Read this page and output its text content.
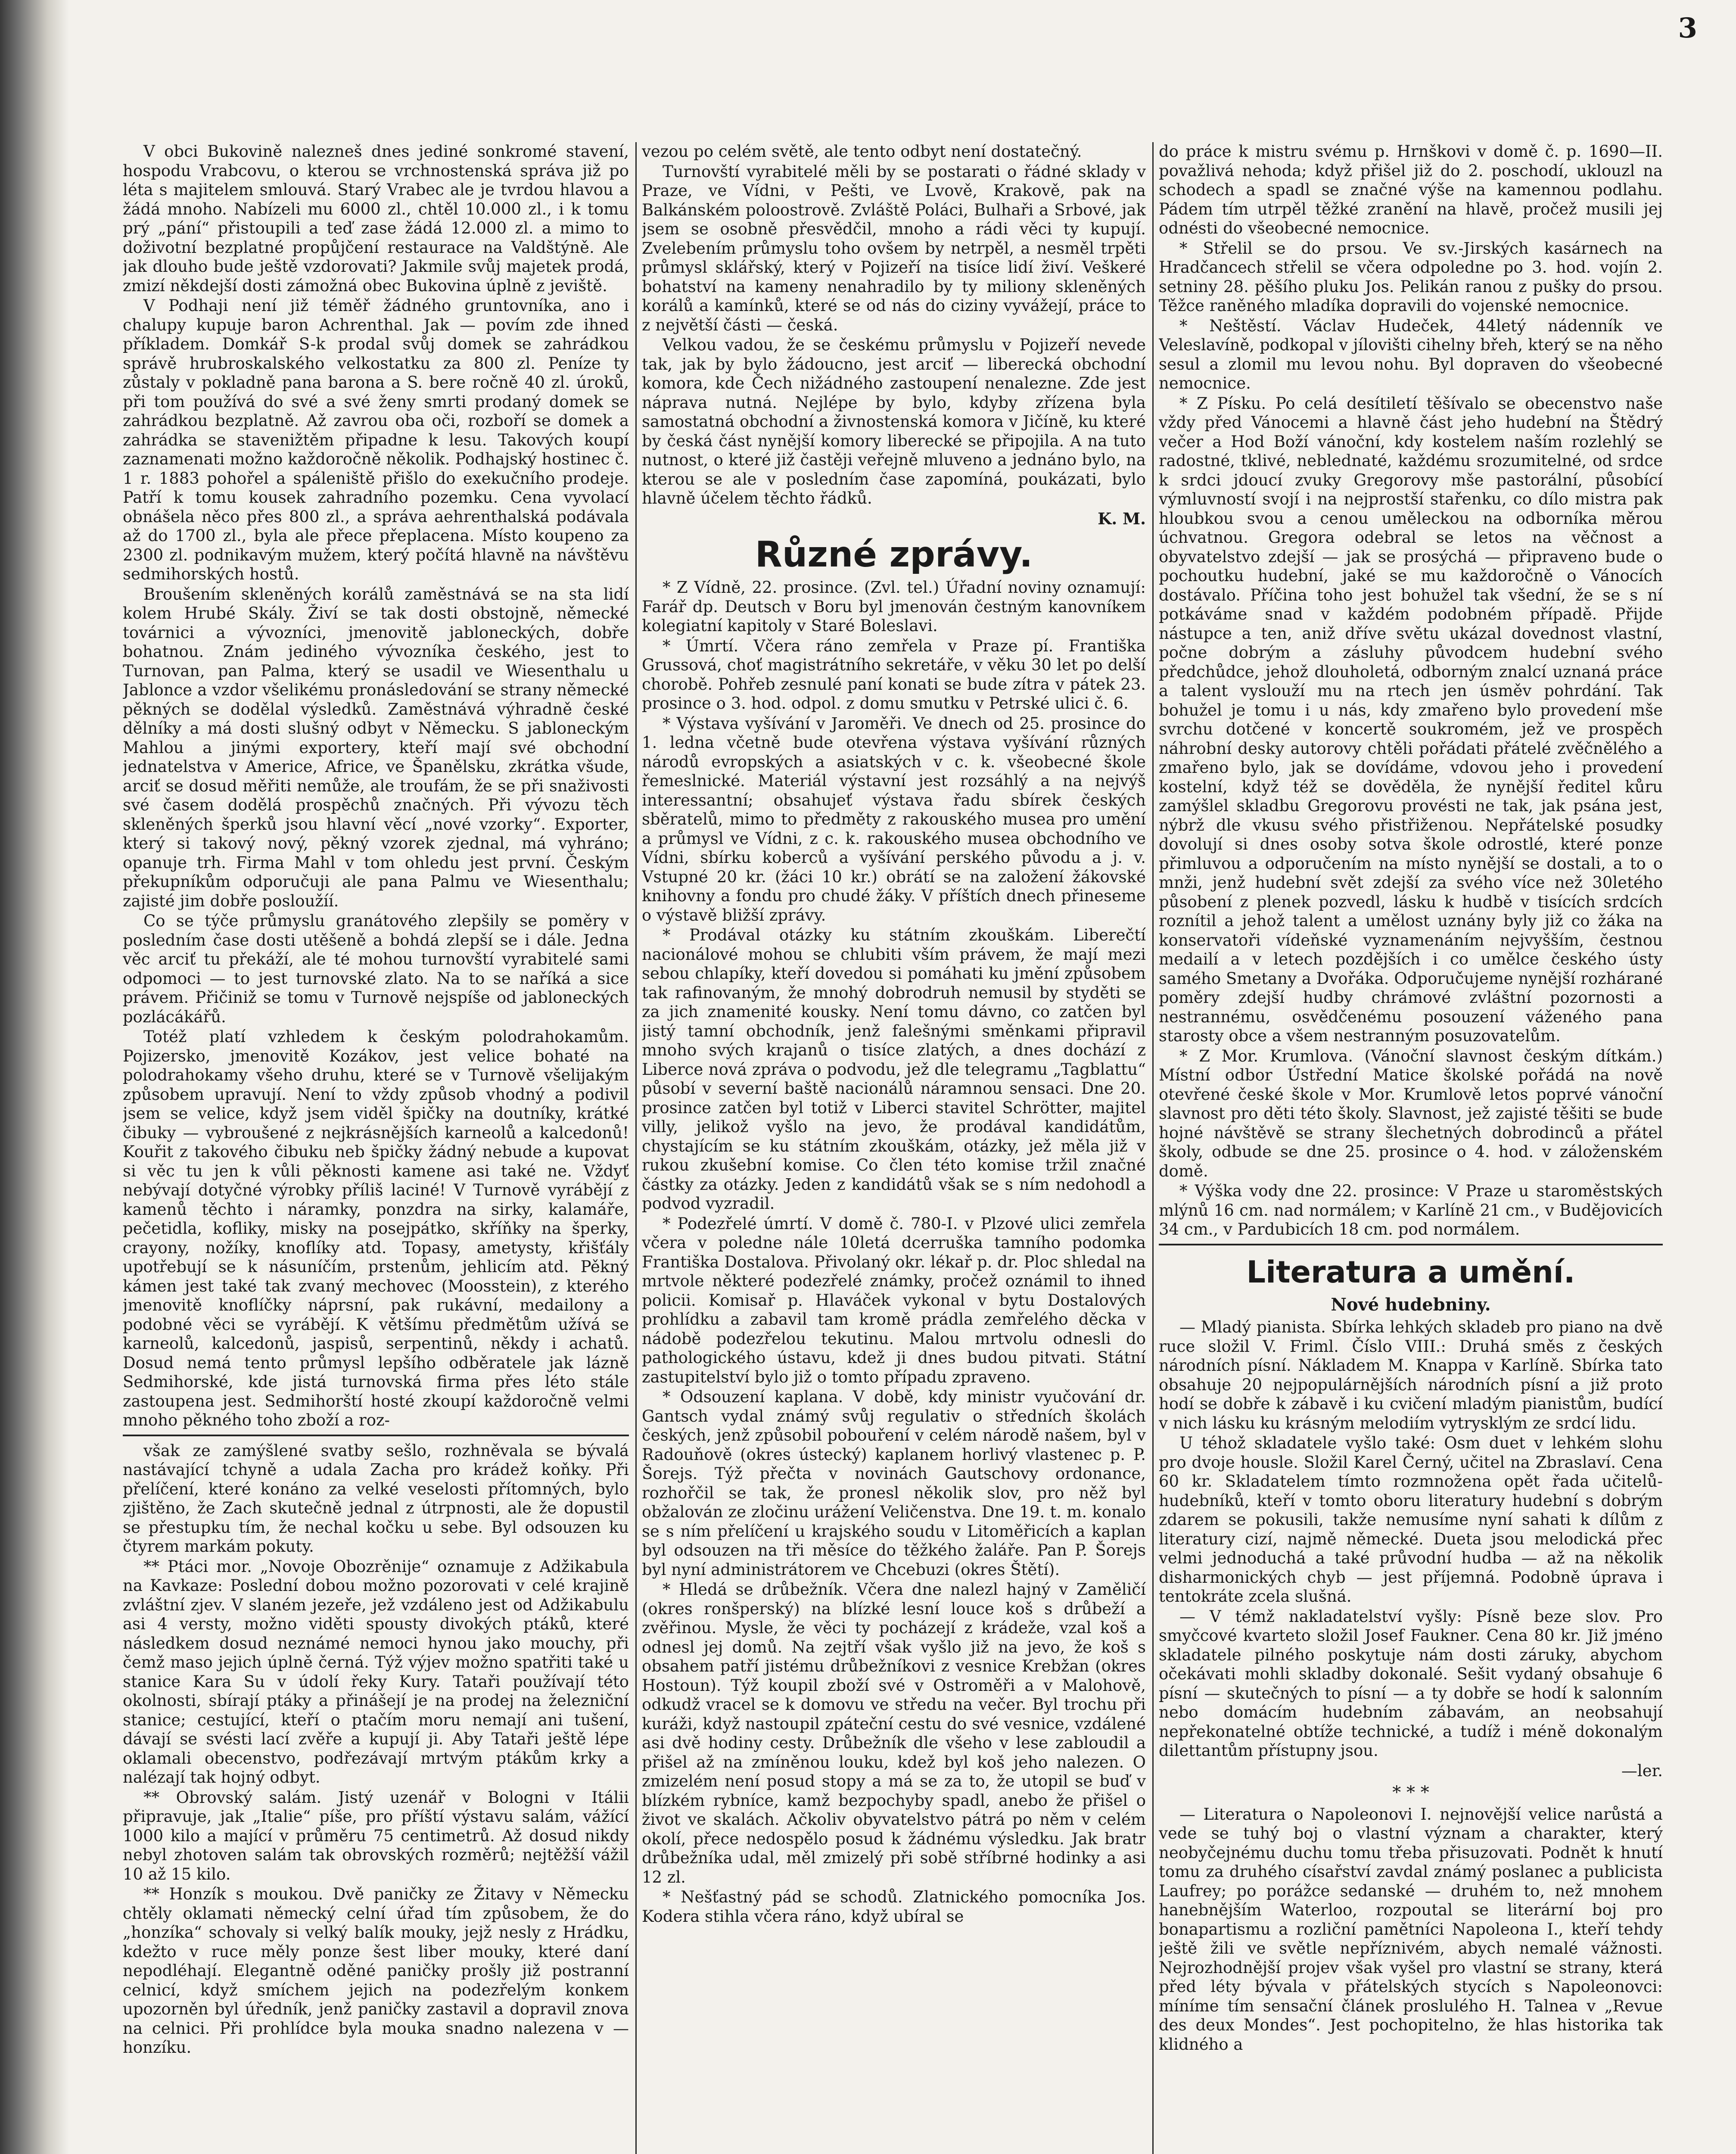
3

V obci Bukovině nalezneš dnes jediné sonkromé stavení, hospodu Vrabcovu, o kterou se vrchnostenská správa již po léta s majitelem smlouvá. Starý Vrabec ale je tvrdou hlavou a žádá mnoho. Nabízeli mu 6000 zl., chtěl 10.000 zl., i k tomu prý „pání“ přistoupili a teď zase žádá 12.000 zl. a mimo to doživotní bezplatné propůjčení restaurace na Valdštýně. Ale jak dlouho bude ještě vzdorovati? Jakmile svůj majetek prodá, zmizí někdejší dosti zámožná obec Bukovina úplně z jeviště.

V Podhaji není již téměř žádného gruntovníka, ano i chalupy kupuje baron Achrenthal. Jak — povím zde ihned příkladem. Domkář S-k prodal svůj domek se zahrádkou správě hrubroskalského velkostatku za 800 zl. Peníze ty zůstaly v pokladně pana barona a S. bere ročně 40 zl. úroků, při tom používá do své a své ženy smrti prodaný domek se zahrádkou bezplatně. Až zavrou oba oči, rozboří se domek a zahrádka se stavenižtěm připadne k lesu. Takových koupí zaznamenati možno každoročně několik. Podhajský hostinec č. 1 r. 1883 pohořel a spáleniště přišlo do exekučního prodeje. Patří k tomu kousek zahradního pozemku. Cena vyvolací obnášela něco přes 800 zl., a správa aehrenthalská podávala až do 1700 zl., byla ale přece přeplacena. Místo koupeno za 2300 zl. podnikavým mužem, který počítá hlavně na návštěvu sedmihorských hostů.

Broušením skleněných korálů zaměstnává se na sta lidí kolem Hrubé Skály. Živí se tak dosti obstojně, německé továrnici a vývozníci, jmenovitě jabloneckých, dobře bohatnou. Znám jediného vývozníka českého, jest to Turnovan, pan Palma, který se usadil ve Wiesenthalu u Jablonce a vzdor všelikému pronásledování se strany německé pěkných se dodělal výsledků. Zaměstnává výhradně české dělníky a má dosti slušný odbyt v Německu. S jabloneckým Mahlou a jinými exportery, kteří mají své obchodní jednatelstva v Americe, Africe, ve Španělsku, zkrátka všude, arciť se dosud měřiti nemůže, ale troufám, že se při snaživosti své časem dodělá prospěchů značných. Při vývozu těch skleněných šperků jsou hlavní věcí „nové vzorky“. Exporter, který si takový nový, pěkný vzorek zjednal, má vyhráno; opanuje trh. Firma Mahl v tom ohledu jest první. Českým překupníkům odporučuji ale pana Palmu ve Wiesenthalu; zajisté jim dobře posloužíí.

Co se týče průmyslu granátového zlepšily se poměry v posledním čase dosti utěšeně a bohdá zlepší se i dále. Jedna věc arciť tu překáží, ale té mohou turnovští vyrabitelé sami odpomoci — to jest turnovské zlato. Na to se naříká a sice právem. Přičiniž se tomu v Turnově nejspíše od jabloneckých pozlácákářů.

Totéž platí vzhledem k českým polodrahokamům. Pojizersko, jmenovitě Kozákov, jest velice bohaté na polodrahokamy všeho druhu, které se v Turnově všelijakým způsobem upravují. Není to vždy způsob vhodný a podivil jsem se velice, když jsem viděl špičky na doutníky, krátké čibuky — vybroušené z nejkrásnějších karneolů a kalcedonů! Kouřit z takového čibuku neb špičky žádný nebude a kupovat si věc tu jen k vůli pěknosti kamene asi také ne. Vždyť nebývají dotyčné výrobky příliš laciné! V Turnově vyrábějí z kamenů těchto i náramky, ponzdra na sirky, kalamáře, pečetidla, kofliky, misky na posejpátko, skříňky na šperky, crayony, nožíky, knoflíky atd. Topasy, ametysty, křišťály upotřebují se k násuníčím, prstenům, jehlicím atd. Pěkný kámen jest také tak zvaný mechovec (Moosstein), z kterého jmenovitě knoflíčky náprsní, pak rukávní, medailony a podobné věci se vyrábějí. K většímu předmětům užívá se karneolů, kalcedonů, jaspisů, serpentinů, někdy i achatů. Dosud nemá tento průmysl lepšího odběratele jak lázně Sedmihorské, kde jistá turnovská firma přes léto stále zastoupena jest. Sedmihorští hosté zkoupí každoročně velmi mnoho pěkného toho zboží a roz-

však ze zamýšlené svatby sešlo, rozhněvala se bývalá nastávající tchyně a udala Zacha pro krádež koňky. Při přelíčení, které konáno za velké veselosti přítomných, bylo zjištěno, že Zach skutečně jednal z útrpnosti, ale že dopustil se přestupku tím, že nechal kočku u sebe. Byl odsouzen ku čtyrem markám pokuty.

** Ptáci mor. „Novoje Obozrěnije“ oznamuje z Adžikabula na Kavkaze: Poslední dobou možno pozorovati v celé krajině zvláštní zjev. V slaném jezeře, jež vzdáleno jest od Adžikabulu asi 4 versty, možno viděti spousty divokých ptáků, které následkem dosud neznámé nemoci hynou jako mouchy, při čemž maso jejich úplně černá. Týž výjev možno spatřiti také u stanice Kara Su v údolí řeky Kury. Tataři používají této okolnosti, sbírají ptáky a přinášejí je na prodej na železniční stanice; cestující, kteří o ptačím moru nemají ani tušení, dávají se svésti lací zvěře a kupují ji. Aby Tataři ještě lépe oklamali obecenstvo, podřezávají mrtvým ptákům krky a nalézají tak hojný odbyt.

** Obrovský salám. Jistý uzenář v Bologni v Itálii připravuje, jak „Italie“ píše, pro příští výstavu salám, vážící 1000 kilo a mající v průměru 75 centimetrů. Až dosud nikdy nebyl zhotoven salám tak obrovských rozměrů; nejtěžší vážil 10 až 15 kilo.

** Honzík s moukou. Dvě paničky ze Žitavy v Německu chtěly oklamati německý celní úřad tím způsobem, že do „honzíka“ schovaly si velký balík mouky, jejž nesly z Hrádku, kdežto v ruce měly ponze šest liber mouky, které daní nepodléhají. Elegantně oděné paničky prošly již postranní celnicí, když smíchem jejich na podezřelým konkem upozorněn byl úředník, jenž paničky zastavil a dopravil znova na celnici. Při prohlídce byla mouka snadno nalezena v — honzíku.

vezou po celém světě, ale tento odbyt není dostatečný.

Turnovští vyrabitelé měli by se postarati o řádné sklady v Praze, ve Vídni, v Pešti, ve Lvově, Krakově, pak na Balkánském poloostrově. Zvláště Poláci, Bulhaři a Srbové, jak jsem se osobně přesvědčil, mnoho a rádi věci ty kupují. Zvelebením průmyslu toho ovšem by netrpěl, a nesměl trpěti průmysl sklářský, který v Pojizeří na tisíce lidí živí. Veškeré bohatství na kameny nenahradilo by ty miliony skleněných korálů a kamínků, které se od nás do ciziny vyvážejí, práce to z největší části — česká.

Velkou vadou, že se českému průmyslu v Pojizeří nevede tak, jak by bylo žádoucno, jest arciť — liberecká obchodní komora, kde Čech nižádného zastoupení nenalezne. Zde jest náprava nutná. Nejlépe by bylo, kdyby zřízena byla samostatná obchodní a živnostenská komora v Jičíně, ku které by česká část nynější komory liberecké se připojila. A na tuto nutnost, o které již častěji veřejně mluveno a jednáno bylo, na kterou se ale v posledním čase zapomíná, poukázati, bylo hlavně účelem těchto řádků.

K. M.

Různé zprávy.

* Z Vídně, 22. prosince. (Zvl. tel.) Úřadní noviny oznamují: Farář dp. Deutsch v Boru byl jmenován čestným kanovníkem kolegiatní kapitoly v Staré Boleslavi.

* Úmrtí. Včera ráno zemřela v Praze pí. Františka Grussová, choť magistrátního sekretáře, v věku 30 let po delší chorobě. Pohřeb zesnulé paní konati se bude zítra v pátek 23. prosince o 3. hod. odpol. z domu smutku v Petrské ulici č. 6.

* Výstava vyšívání v Jaroměři. Ve dnech od 25. prosince do 1. ledna včetně bude otevřena výstava vyšívání různých národů evropských a asiatských v c. k. všeobecné škole řemeslnické. Materiál výstavní jest rozsáhlý a na nejvýš interessantní; obsahujeť výstava řadu sbírek českých sběratelů, mimo to předměty z rakouského musea pro umění a průmysl ve Vídni, z c. k. rakouského musea obchodního ve Vídni, sbírku koberců a vyšívání perského původu a j. v. Vstupné 20 kr. (žáci 10 kr.) obrátí se na založení žákovské knihovny a fondu pro chudé žáky. V příštích dnech přineseme o výstavě bližší zprávy.

* Prodával otázky ku státním zkouškám. Liberečtí nacionálové mohou se chlubiti vším právem, že mají mezi sebou chlapíky, kteří dovedou si pomáhati ku jmění způsobem tak rafinovaným, že mnohý dobrodruh nemusil by styděti se za jich znamenité kousky. Není tomu dávno, co zatčen byl jistý tamní obchodník, jenž falešnými směnkami připravil mnoho svých krajanů o tisíce zlatých, a dnes dochází z Liberce nová zpráva o podvodu, jež dle telegramu „Tagblattu“ působí v severní baště nacionálů náramnou sensaci. Dne 20. prosince zatčen byl totiž v Liberci stavitel Schrötter, majitel villy, jelikož vyšlo na jevo, že prodával kandidátům, chystajícím se ku státním zkouškám, otázky, jež měla již v rukou zkušební komise. Co člen této komise tržil značné částky za otázky. Jeden z kandidátů však se s ním nedohodl a podvod vyzradil.

* Podezřelé úmrtí. V domě č. 780-I. v Plzové ulici zemřela včera v poledne nále 10letá dcerruška tamního podomka Františka Dostalova. Přivolaný okr. lékař p. dr. Ploc shledal na mrtvole některé podezřelé známky, pročež oznámil to ihned policii. Komisař p. Hlaváček vykonal v bytu Dostalových prohlídku a zabavil tam kromě prádla zemřelého děcka v nádobě podezřelou tekutinu. Malou mrtvolu odnesli do pathologického ústavu, kdež ji dnes budou pitvati. Státní zastupitelství bylo již o tomto případu zpraveno.

* Odsouzení kaplana. V době, kdy ministr vyučování dr. Gantsch vydal známý svůj regulativ o středních školách českých, jenž způsobil pobouření v celém národě našem, byl v Radouňově (okres ústecký) kaplanem horlivý vlastenec p. P. Šorejs. Týž přečta v novinách Gautschovy ordonance, rozhořčil se tak, že pronesl několik slov, pro něž byl obžalován ze zločinu urážení Veličenstva. Dne 19. t. m. konalo se s ním přelíčení u krajského soudu v Litoměřicích a kaplan byl odsouzen na tři měsíce do těžkého žaláře. Pan P. Šorejs byl nyní administrátorem ve Chcebuzi (okres Štětí).

* Hledá se drůbežník. Včera dne nalezl hajný v Zaměličí (okres ronšperský) na blízké lesní louce koš s drůbeží a zvěřinou. Mysle, že věci ty pocházejí z krádeže, vzal koš a odnesl jej domů. Na zejtří však vyšlo již na jevo, že koš s obsahem patří jistému drůbežníkovi z vesnice Krebžan (okres Hostoun). Týž koupil zboží své v Ostroměři a v Malohově, odkudž vracel se k domovu ve středu na večer. Byl trochu při kuráži, když nastoupil zpáteční cestu do své vesnice, vzdálené asi dvě hodiny cesty. Drůbežník dle všeho v lese zabloudil a přišel až na zmíněnou louku, kdež byl koš jeho nalezen. O zmizelém není posud stopy a má se za to, že utopil se buď v blízkém rybníce, kamž bezpochyby spadl, anebo že přišel o život ve skalách. Ačkoliv obyvatelstvo pátrá po něm v celém okolí, přece nedospělo posud k žádnému výsledku. Jak bratr drůbežníka udal, měl zmizelý při sobě stříbrné hodinky a asi 12 zl.

* Nešťastný pád se schodů. Zlatnického pomocníka Jos. Kodera stihla včera ráno, když ubíral se

do práce k mistru svému p. Hrnškovi v domě č. p. 1690—II. považlivá nehoda; když přišel již do 2. poschodí, uklouzl na schodech a spadl se značné výše na kamennou podlahu. Pádem tím utrpěl těžké zranění na hlavě, pročež musili jej odnésti do všeobecné nemocnice.

* Střelil se do prsou. Ve sv.-Jirských kasárnech na Hradčancech střelil se včera odpoledne po 3. hod. vojín 2. setniny 28. pěšího pluku Jos. Pelikán ranou z pušky do prsou. Těžce raněného mladíka dopravili do vojenské nemocnice.

* Neštěstí. Václav Hudeček, 44letý nádenník ve Veleslavíně, podkopal v jílovišti cihelny břeh, který se na něho sesul a zlomil mu levou nohu. Byl dopraven do všeobecné nemocnice.

* Z Písku. Po celá desítiletí těšívalo se obecenstvo naše vždy před Vánocemi a hlavně část jeho hudební na Štědrý večer a Hod Boží vánoční, kdy kostelem naším rozlehlý se radostné, tklivé, neblednaté, každému srozumitelné, od srdce k srdci jdoucí zvuky Gregorovy mše pastorální, působící výmluvností svojí i na nejprostší stařenku, co dílo mistra pak hloubkou svou a cenou uměleckou na odborníka měrou úchvatnou. Gregora odebral se letos na věčnost a obyvatelstvo zdejší — jak se prosýchá — připraveno bude o pochoutku hudební, jaké se mu každoročně o Vánocích dostávalo. Příčina toho jest bohužel tak všední, že se s ní potkáváme snad v každém podobném případě. Přijde nástupce a ten, aniž dříve světu ukázal dovednost vlastní, počne dobrým a zásluhy původcem hudební svého předchůdce, jehož dlouholetá, odborným znalcí uznaná práce a talent vyslouží mu na rtech jen úsměv pohrdání. Tak bohužel je tomu i u nás, kdy zmařeno bylo provedení mše svrchu dotčené v koncertě soukromém, jež ve prospěch náhrobní desky autorovy chtěli pořádati přátelé zvěčnělého a zmařeno bylo, jak se dovídáme, vdovou jeho i provedení kostelní, když též se dověděla, že nynější ředitel kůru zamýšlel skladbu Gregorovu provésti ne tak, jak psána jest, nýbrž dle vkusu svého přistřiženou. Nepřátelské posudky dovolují si dnes osoby sotva škole odrostlé, které ponze přimluvou a odporučením na místo nynější se dostali, a to o mnži, jenž hudební svět zdejší za svého více než 30letého působení z plenek pozvedl, lásku k hudbě v tisících srdcích roznítil a jehož talent a umělost uznány byly již co žáka na konservatoři vídeňské vyznamenáním nejvyšším, čestnou medailí a v letech pozdějších i co umělce českého ústy samého Smetany a Dvořáka. Odporučujeme nynější rozhárané poměry zdejší hudby chrámové zvláštní pozornosti a nestrannému, osvědčenému posouzení váženého pana starosty obce a všem nestranným posuzovatelům.

* Z Mor. Krumlova. (Vánoční slavnost českým dítkám.) Místní odbor Ústřední Matice školské pořádá na nově otevřené české škole v Mor. Krumlově letos poprvé vánoční slavnost pro děti této školy. Slavnost, jež zajisté těšiti se bude hojné návštěvě se strany šlechetných dobrodinců a přátel školy, odbude se dne 25. prosince o 4. hod. v záloženském domě.

* Výška vody dne 22. prosince: V Praze u staroměstských mlýnů 16 cm. nad normálem; v Karlíně 21 cm., v Budějovicích 34 cm., v Pardubicích 18 cm. pod normálem.

Literatura a umění.
Nové hudebniny.

— Mladý pianista. Sbírka lehkých skladeb pro piano na dvě ruce složil V. Friml. Číslo VIII.: Druhá směs z českých národních písní. Nákladem M. Knappa v Karlíně. Sbírka tato obsahuje 20 nejpopulárnějších národních písní a již proto hodí se dobře k zábavě i ku cvičení mladým pianistům, budící v nich lásku ku krásným melodiím vytrysklým ze srdcí lidu.

U téhož skladatele vyšlo také: Osm duet v lehkém slohu pro dvoje housle. Složil Karel Černý, učitel na Zbraslaví. Cena 60 kr. Skladatelem tímto rozmnožena opět řada učitelů-hudebníků, kteří v tomto oboru literatury hudební s dobrým zdarem se pokusili, takže nemusíme nyní sahati k dílům z literatury cizí, najmě německé. Dueta jsou melodická přec velmi jednoduchá a také průvodní hudba — až na několik disharmonických chyb — jest příjemná. Podobně úprava i tentokráte zcela slušná.

— V témž nakladatelství vyšly: Písně beze slov. Pro smyčcové kvarteto složil Josef Faukner. Cena 80 kr. Již jméno skladatele pilného poskytuje nám dosti záruky, abychom očekávati mohli skladby dokonalé. Sešit vydaný obsahuje 6 písní — skutečných to písní — a ty dobře se hodí k salonním nebo domácím hudebním zábavám, an neobsahují nepřekonatelné obtíže technické, a tudíž i méně dokonalým dilettantům přístupny jsou.

—ler.

* * *

— Literatura o Napoleonovi I. nejnovější velice narůstá a vede se tuhý boj o vlastní význam a charakter, který neobyčejnému duchu tomu třeba přisuzovati. Podnět k hnutí tomu za druhého císařství zavdal známý poslanec a publicista Laufrey; po porážce sedanské — druhém to, než mnohem hanebnějším Waterloo, rozpoutal se literární boj pro bonapartismu a rozliční pamětníci Napoleona I., kteří tehdy ještě žili ve světle nepříznivém, abych nemalé vážnosti. Nejrozhodnější projev však vyšel pro vlastní se strany, která před léty bývala v přátelských stycích s Napoleonovci: míníme tím sensační článek proslulého H. Talnea v „Revue des deux Mondes“. Jest pochopitelno, že hlas historika tak klidného a
